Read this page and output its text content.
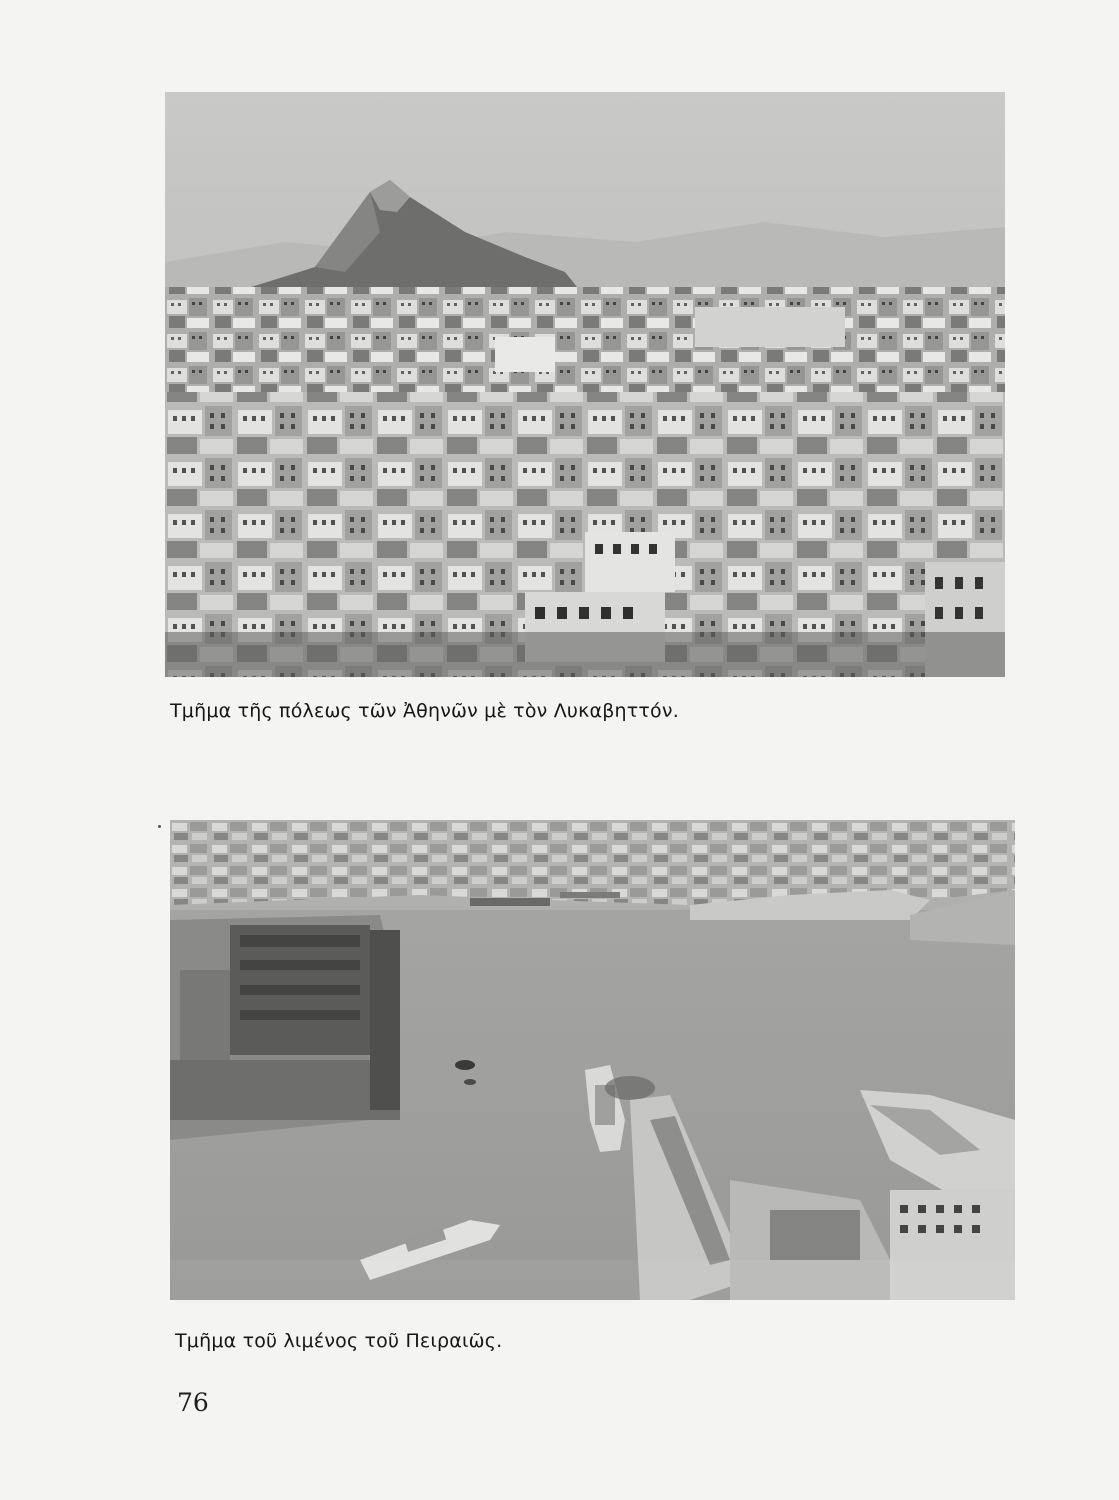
Τμῆμα τῆς πόλεως τῶν Ἀθηνῶν μὲ τὸν Λυκαβηττόν.
Τμῆμα τοῦ λιμένος τοῦ Πειραιῶς.
76
